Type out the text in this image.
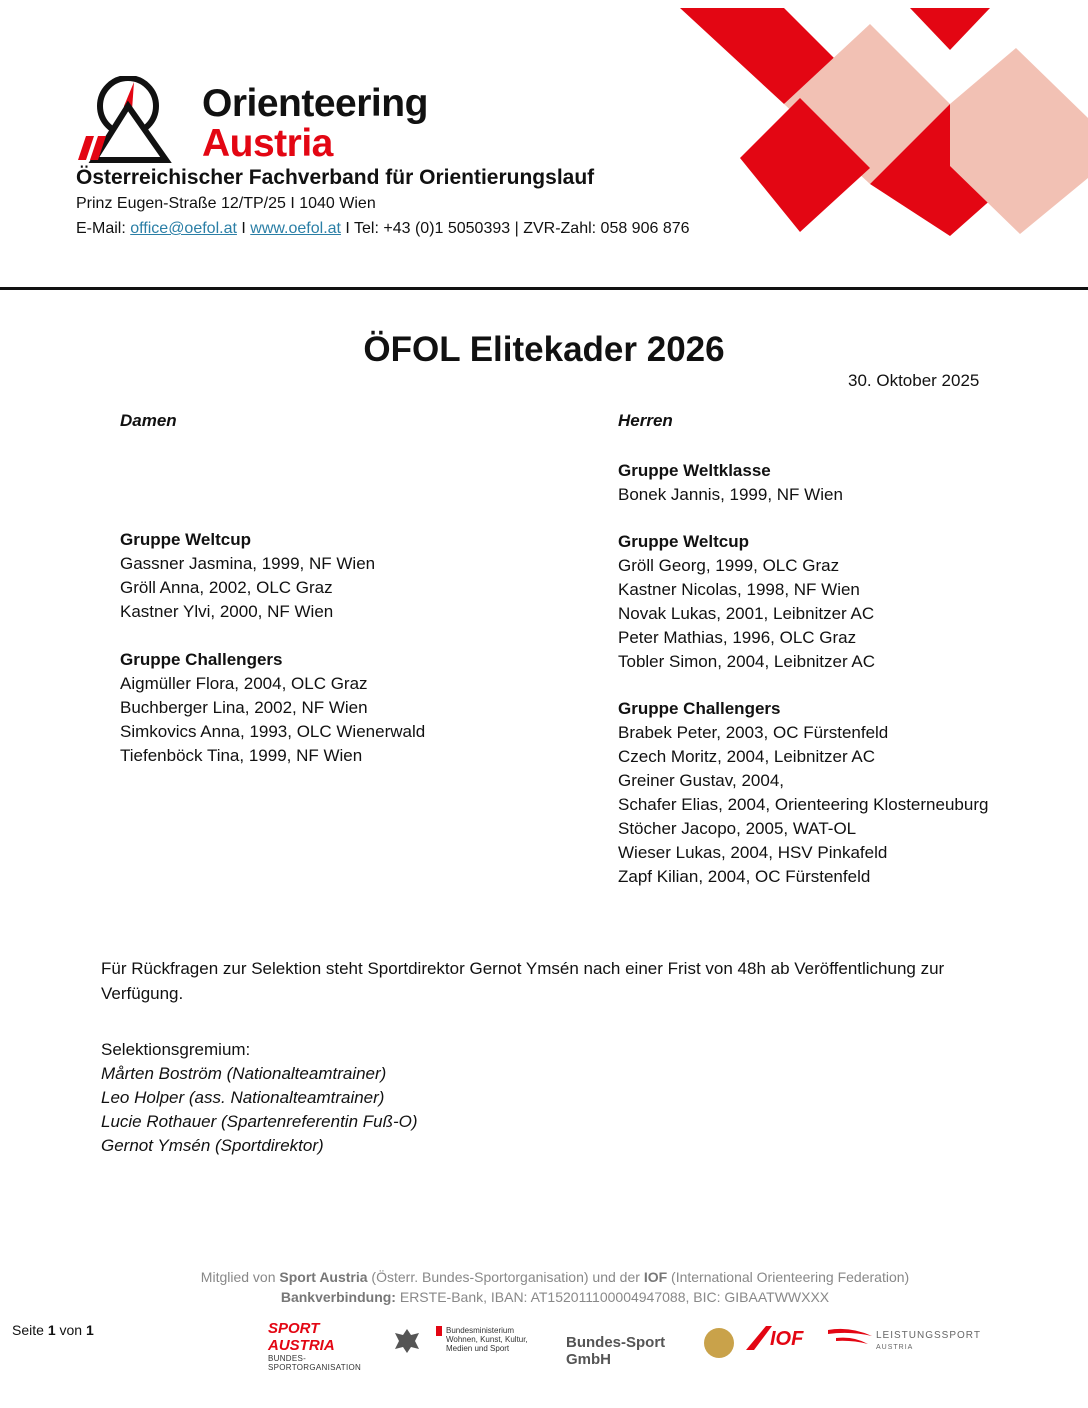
Orienteering
Austria
Österreichischer Fachverband für Orientierungslauf
Prinz Eugen-Straße 12/TP/25 I 1040 Wien
E-Mail: office@oefol.at I www.oefol.at I Tel: +43 (0)1 5050393 | ZVR-Zahl: 058 906 876
ÖFOL Elitekader 2026
30. Oktober 2025
Damen
Gruppe Weltcup
Gassner Jasmina, 1999, NF Wien
Gröll Anna, 2002, OLC Graz
Kastner Ylvi, 2000, NF Wien
Gruppe Challengers
Aigmüller Flora, 2004, OLC Graz
Buchberger Lina, 2002, NF Wien
Simkovics Anna, 1993, OLC Wienerwald
Tiefenböck Tina, 1999, NF Wien
Herren
Gruppe Weltklasse
Bonek Jannis, 1999, NF Wien
Gruppe Weltcup
Gröll Georg, 1999, OLC Graz
Kastner Nicolas, 1998, NF Wien
Novak Lukas, 2001, Leibnitzer AC
Peter Mathias, 1996, OLC Graz
Tobler Simon, 2004, Leibnitzer AC
Gruppe Challengers
Brabek Peter, 2003, OC Fürstenfeld
Czech Moritz, 2004, Leibnitzer AC
Greiner Gustav, 2004,
Schafer Elias, 2004, Orienteering Klosterneuburg
Stöcher Jacopo, 2005, WAT-OL
Wieser Lukas, 2004, HSV Pinkafeld
Zapf Kilian, 2004, OC Fürstenfeld
Für Rückfragen zur Selektion steht Sportdirektor Gernot Ymsén nach einer Frist von 48h ab Veröffentlichung zur Verfügung.
Selektionsgremium:
Mårten Boström (Nationalteamtrainer)
Leo Holper (ass. Nationalteamtrainer)
Lucie Rothauer (Spartenreferentin Fuß-O)
Gernot Ymsén (Sportdirektor)
Mitglied von Sport Austria (Österr. Bundes-Sportorganisation) und der IOF (International Orienteering Federation)
Bankverbindung: ERSTE-Bank, IBAN: AT152011100004947088, BIC: GIBAATWWXXX
Seite 1 von 1	SPORT AUSTRIA
BUNDES-SPORTORGANISATION
Bundesministerium
Wohnen, Kunst, Kultur,
Medien und Sport	Bundes-Sport GmbH
IOF	LEISTUNGSSPORT
AUSTRIA
